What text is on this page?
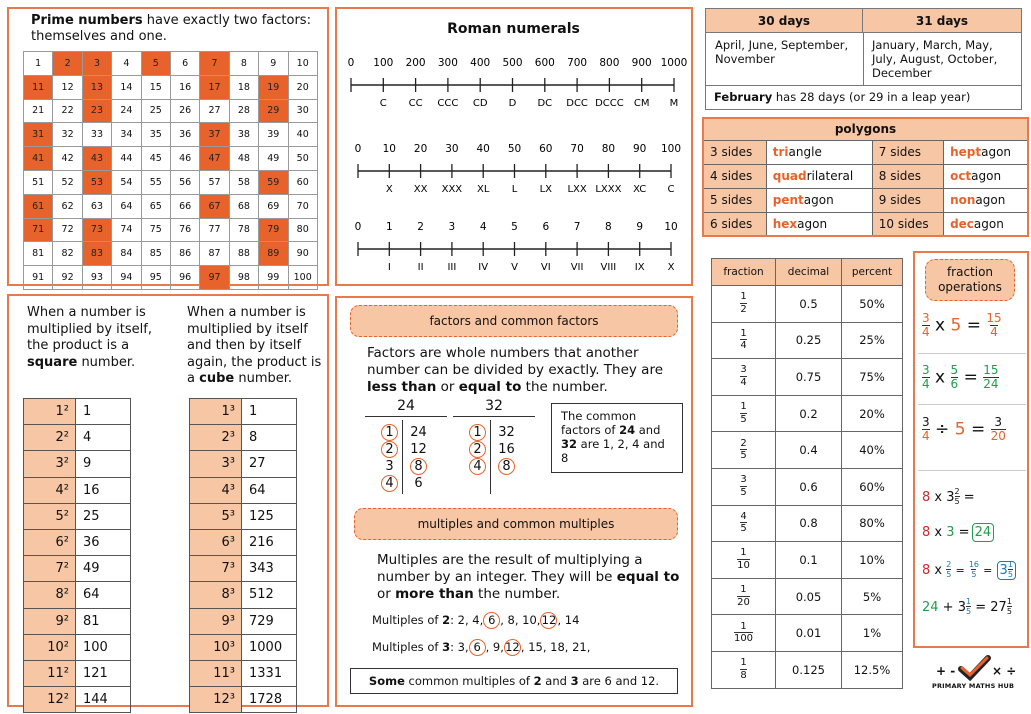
Prime numbers have exactly two factors: themselves and one.
1	2	3	4	5	6	7	8	9	10
11	12	13	14	15	16	17	18	19	20
21	22	23	24	25	26	27	28	29	30
31	32	33	34	35	36	37	38	39	40
41	42	43	44	45	46	47	48	49	50
51	52	53	54	55	56	57	58	59	60
61	62	63	64	65	66	67	68	69	70
71	72	73	74	75	76	77	78	79	80
81	82	83	84	85	86	87	88	89	90
91	92	93	94	95	96	97	98	99	100
Roman numerals
0 100
C
200
CC
300
CCC
400
CD
500
D
600
DC
700
DCC
800
DCCC
900
CM
1000
M
0 10
X
20
XX
30
XXX
40
XL
50
L
60
LX
70
LXX
80
LXXX
90
XC
100
C
0 1
I
2
II
3
III
4
IV
5
V
6
VI
7
VII
8
VIII
9
IX
10
X
30 days	31 days
April, June, September, November
January, March, May, July, August, October, December
February has 28 days (or 29 in a leap year)
polygons			
3 sides	triangle	7 sides	heptagon
4 sides	quadrilateral	8 sides	octagon
5 sides	pentagon	9 sides	nonagon
6 sides	hexagon	10 sides	decagon
When a number is multiplied by itself, the product is a square number.
When a number is multiplied by itself and then by itself again, the product is a cube number.
1²	1
2²	4
3²	9
4²	16
5²	25
6²	36
7²	49
8²	64
9²	81
10²	100
11²	121
12²	144
1³	1
2³	8
3³	27
4³	64
5³	125
6³	216
7³	343
8³	512
9³	729
10³	1000
11³	1331
12³	1728
factors and common factors
Factors are whole numbers that another number can be divided by exactly. They are less than or equal to the number.
24
1	24
2	12
3	8
4	6
32
1	32
2	16
4	8
The common factors of 24 and 32 are 1, 2, 4 and 8
multiples and common multiples
Multiples are the result of multiplying a number by an integer. They will be equal to or more than the number.
Multiples of 2: 2, 4, 6 , 8, 10,12, 14
Multiples of 3: 3, 6 , 9,12, 15, 18, 21,
Some common multiples of 2 and 3 are 6 and 12.
fraction	decimal	percent

$\frac{1}{2}$	0.5	50%

$\frac{1}{4}$	0.25	25%

$\frac{3}{4}$	0.75	75%

$\frac{1}{5}$	0.2	20%

$\frac{2}{5}$	0.4	40%

$\frac{3}{5}$	0.6	60%

$\frac{4}{5}$	0.8	80%

$\frac{1}{10}$	0.1	10%

$\frac{1}{20}$	0.05	5%

$\frac{1}{100}$	0.01	1%

$\frac{1}{8}$	0.125	12.5%
fraction operations
$\frac{3}{4}$ x $5 = \frac{15}{4}$
$\frac{3}{4}$ x $\frac{5}{6} = \frac{15}{24}$
$\frac{3}{4} \div 5 = \frac{3}{20}$
8 x $3 \frac{2}{5}$ =
8 x 3 = 24
8 x $\frac{2}{5} = \frac{16}{5} = 3 \frac{1}{5}$
$24 + 3 \frac{1}{5} = 27 \frac{1}{5}$
+ -	× ÷
PRIMARY MATHS HUB
